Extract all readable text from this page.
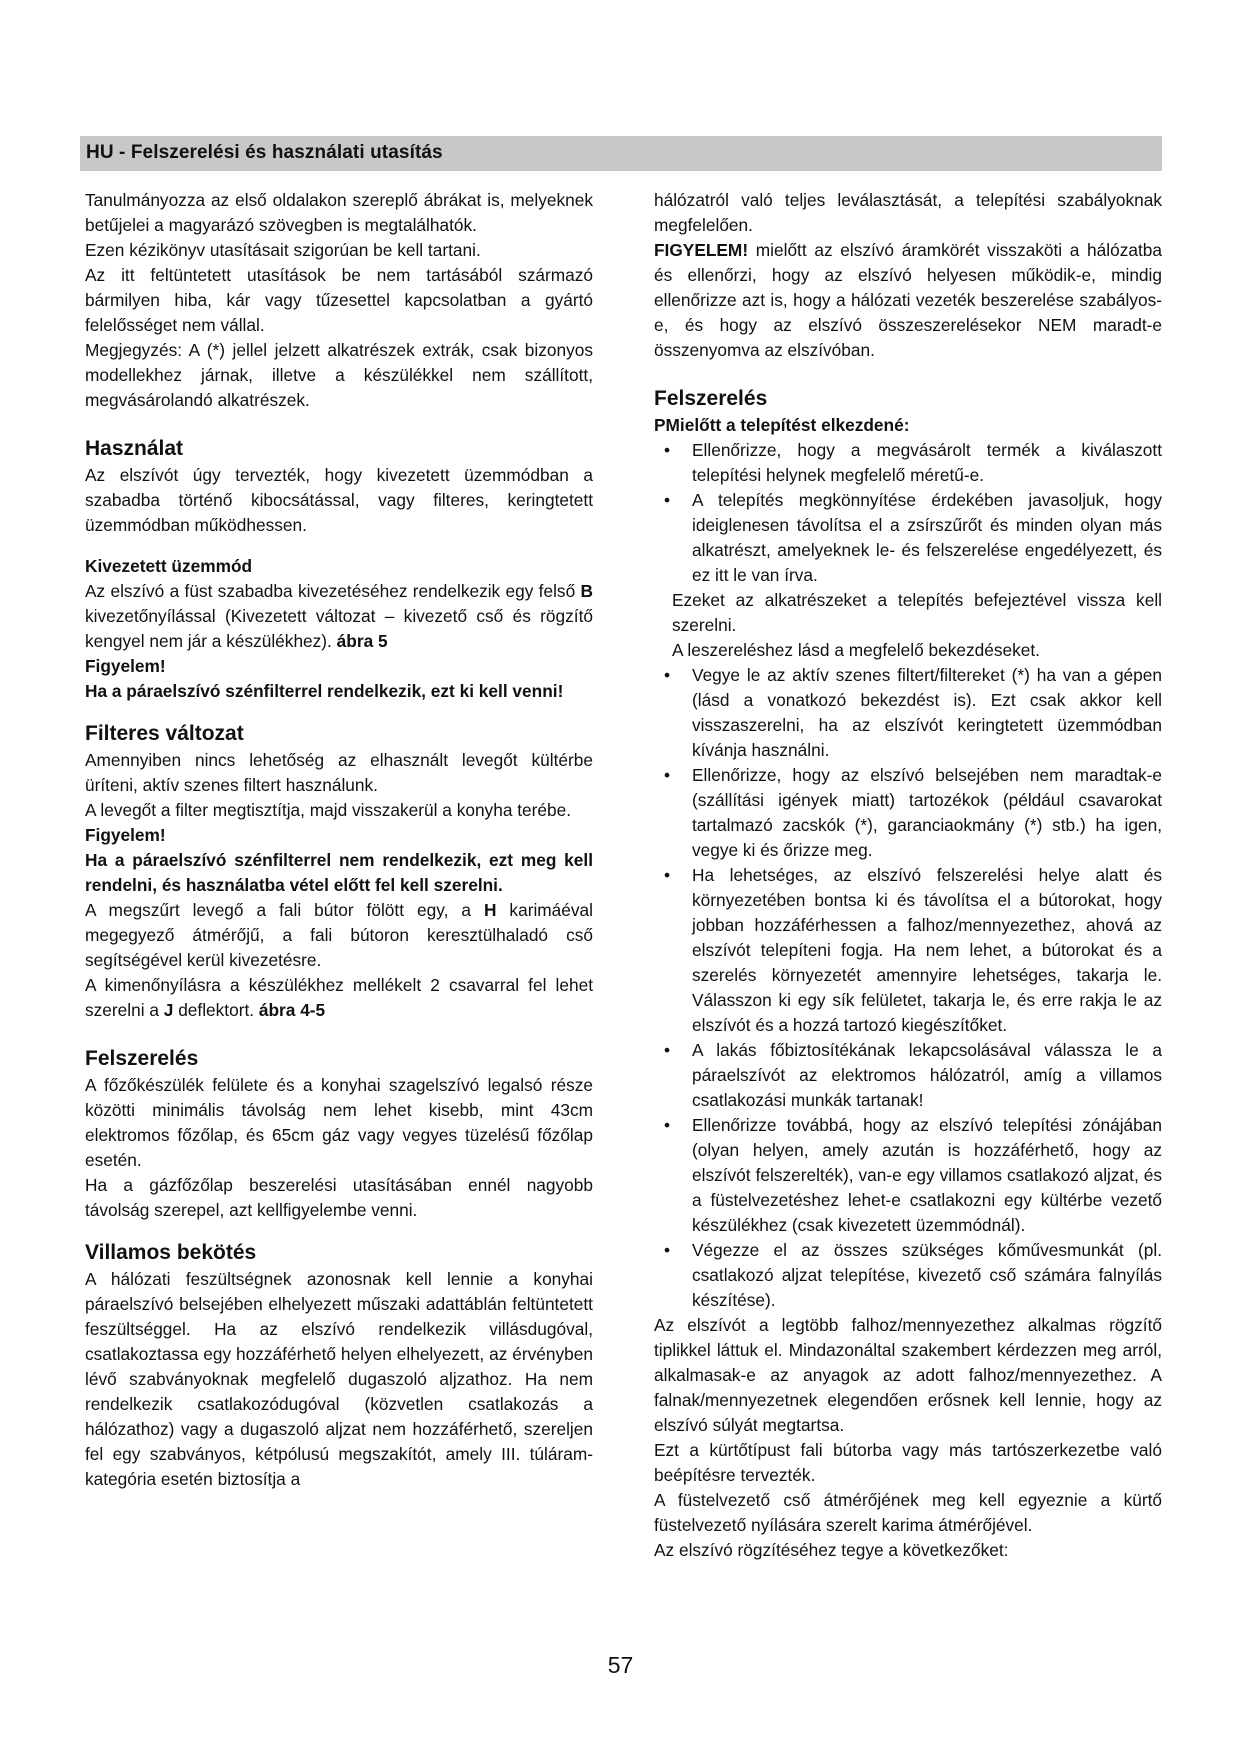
HU - Felszerelési és használati utasítás

Tanulmányozza az első oldalakon szereplő ábrákat is, melyeknek betűjelei a magyarázó szövegben is megtalálhatók.

Ezen kézikönyv utasításait szigorúan be kell tartani.

Az itt feltüntetett utasítások be nem tartásából származó bármilyen hiba, kár vagy tűzesettel kapcsolatban a gyártó felelősséget nem vállal.

Megjegyzés: A (*) jellel jelzett alkatrészek extrák, csak bizonyos modellekhez járnak, illetve a készülékkel nem szállított, megvásárolandó alkatrészek.

Használat

Az elszívót úgy tervezték, hogy kivezetett üzemmódban a szabadba történő kibocsátással, vagy filteres, keringtetett üzemmódban működhessen.

Kivezetett üzemmód

Az elszívó a füst szabadba kivezetéséhez rendelkezik egy felső B kivezetőnyílással (Kivezetett változat – kivezető cső és rögzítő kengyel nem jár a készülékhez). ábra 5

Figyelem!

Ha a páraelszívó szénfilterrel rendelkezik, ezt ki kell venni!

Filteres változat

Amennyiben nincs lehetőség az elhasznált levegőt kültérbe üríteni, aktív szenes filtert használunk.

A levegőt a filter megtisztítja, majd visszakerül a konyha terébe.

Figyelem!

Ha a páraelszívó szénfilterrel nem rendelkezik, ezt meg kell rendelni, és használatba vétel előtt fel kell szerelni.

A megszűrt levegő a fali bútor fölött egy, a H karimáéval megegyező átmérőjű, a fali bútoron keresztülhaladó cső segítségével kerül kivezetésre.

A kimenőnyílásra a készülékhez mellékelt 2 csavarral fel lehet szerelni a J deflektort. ábra 4-5

Felszerelés

A főzőkészülék felülete és a konyhai szagelszívó legalsó része közötti minimális távolság nem lehet kisebb, mint 43cm elektromos főzőlap, és 65cm gáz vagy vegyes tüzelésű főzőlap esetén.

Ha a gázfőzőlap beszerelési utasításában ennél nagyobb távolság szerepel, azt kellfigyelembe venni.

Villamos bekötés

A hálózati feszültségnek azonosnak kell lennie a konyhai páraelszívó belsejében elhelyezett műszaki adattáblán feltüntetett feszültséggel. Ha az elszívó rendelkezik villásdugóval, csatlakoztassa egy hozzáférhető helyen elhelyezett, az érvényben lévő szabványoknak megfelelő dugaszoló aljzathoz. Ha nem rendelkezik csatlakozódugóval (közvetlen csatlakozás a hálózathoz) vagy a dugaszoló aljzat nem hozzáférhető, szereljen fel egy szabványos, kétpólusú megszakítót, amely III. túláram-kategória esetén biztosítja a

hálózatról való teljes leválasztását, a telepítési szabályoknak megfelelően.

FIGYELEM! mielőtt az elszívó áramkörét visszaköti a hálózatba és ellenőrzi, hogy az elszívó helyesen működik-e, mindig ellenőrizze azt is, hogy a hálózati vezeték beszerelése szabályos-e, és hogy az elszívó összeszerelésekor NEM maradt-e összenyomva az elszívóban.

Felszerelés
PMielőtt a telepítést elkezdené:
• Ellenőrizze, hogy a megvásárolt termék a kiválaszott telepítési helynek megfelelő méretű-e.
• A telepítés megkönnyítése érdekében javasoljuk, hogy ideiglenesen távolítsa el a zsírszűrőt és minden olyan más alkatrészt, amelyeknek le- és felszerelése engedélyezett, és ez itt le van írva.

Ezeket az alkatrészeket a telepítés befejeztével vissza kell szerelni.

A leszereléshez lásd a megfelelő bekezdéseket.

• Vegye le az aktív szenes filtert/filtereket (*) ha van a gépen (lásd a vonatkozó bekezdést is). Ezt csak akkor kell visszaszerelni, ha az elszívót keringtetett üzemmódban kívánja használni.
• Ellenőrizze, hogy az elszívó belsejében nem maradtak-e (szállítási igények miatt) tartozékok (például csavarokat tartalmazó zacskók (*), garanciaokmány (*) stb.) ha igen, vegye ki és őrizze meg.
• Ha lehetséges, az elszívó felszerelési helye alatt és környezetében bontsa ki és távolítsa el a bútorokat, hogy jobban hozzáférhessen a falhoz/mennyezethez, ahová az elszívót telepíteni fogja. Ha nem lehet, a bútorokat és a szerelés környezetét amennyire lehetséges, takarja le. Válasszon ki egy sík felületet, takarja le, és erre rakja le az elszívót és a hozzá tartozó kiegészítőket.
• A lakás főbiztosítékának lekapcsolásával válassza le a páraelszívót az elektromos hálózatról, amíg a villamos csatlakozási munkák tartanak!
• Ellenőrizze továbbá, hogy az elszívó telepítési zónájában (olyan helyen, amely azután is hozzáférhető, hogy az elszívót felszerelték), van-e egy villamos csatlakozó aljzat, és a füstelvezetéshez lehet-e csatlakozni egy kültérbe vezető készülékhez (csak kivezetett üzemmódnál).
• Végezze el az összes szükséges kőművesmunkát (pl. csatlakozó aljzat telepítése, kivezető cső számára falnyílás készítése).

Az elszívót a legtöbb falhoz/mennyezethez alkalmas rögzítő tiplikkel láttuk el. Mindazonáltal szakembert kérdezzen meg arról, alkalmasak-e az anyagok az adott falhoz/mennyezethez. A falnak/mennyezetnek elegendően erősnek kell lennie, hogy az elszívó súlyát megtartsa.

Ezt a kürtőtípust fali bútorba vagy más tartószerkezetbe való beépítésre tervezték.

A füstelvezető cső átmérőjének meg kell egyeznie a kürtő füstelvezető nyílására szerelt karima átmérőjével.

Az elszívó rögzítéséhez tegye a következőket:

57
